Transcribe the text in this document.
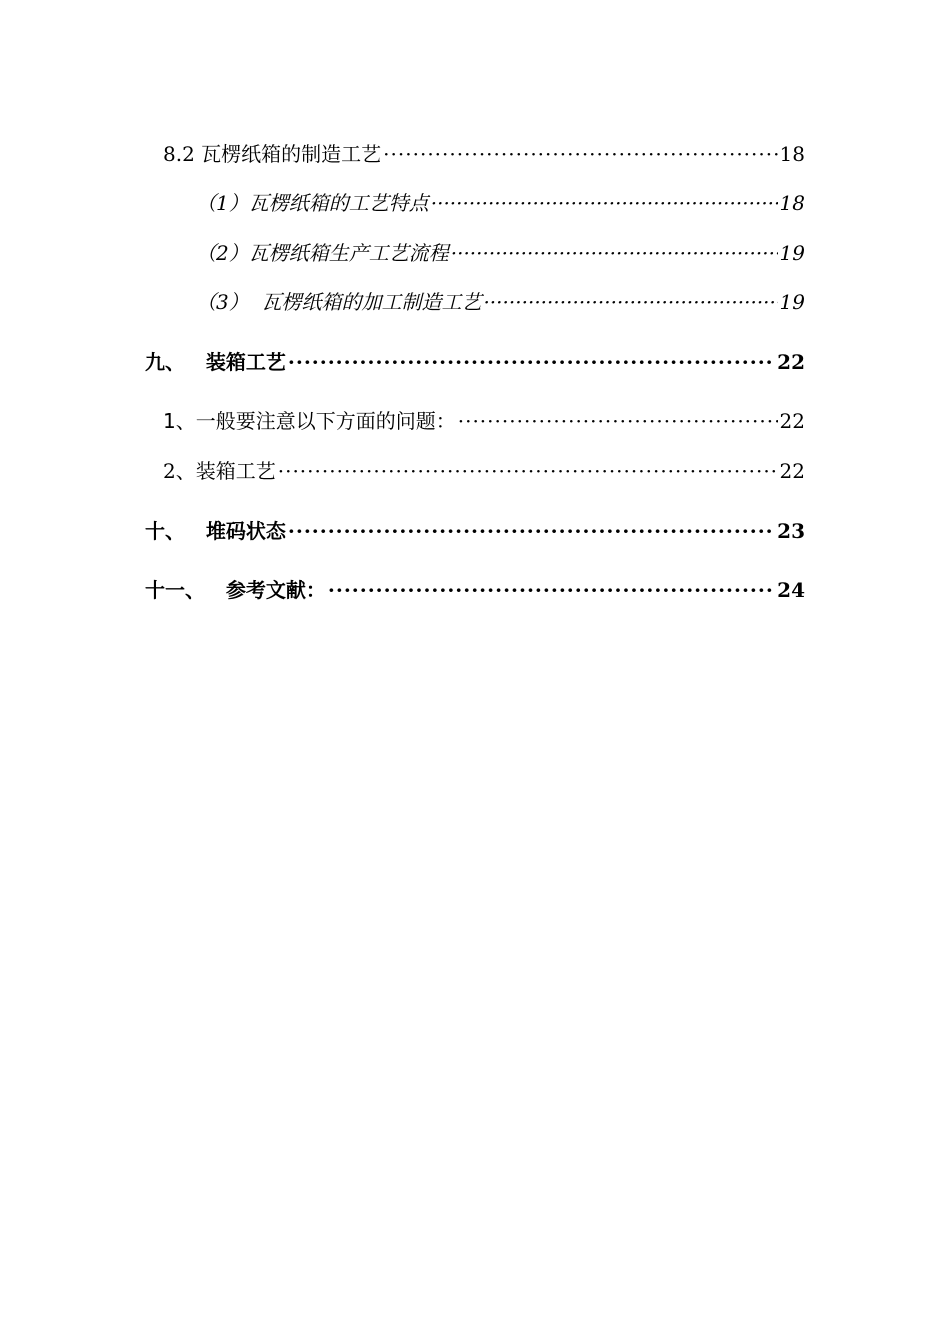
8.2 瓦楞纸箱的制造工艺 ·····	18
（1）瓦楞纸箱的工艺特点 ·····	18
（2）瓦楞纸箱生产工艺流程 ·····	19
（3）  瓦楞纸箱的加工制造工艺 ·····	19
九、   装箱工艺 ·····	22
1、一般要注意以下方面的问题： ·····	22
2、装箱工艺 ·····	22
十、   堆码状态 ·····	23
十一、   参考文献： ·····	24
